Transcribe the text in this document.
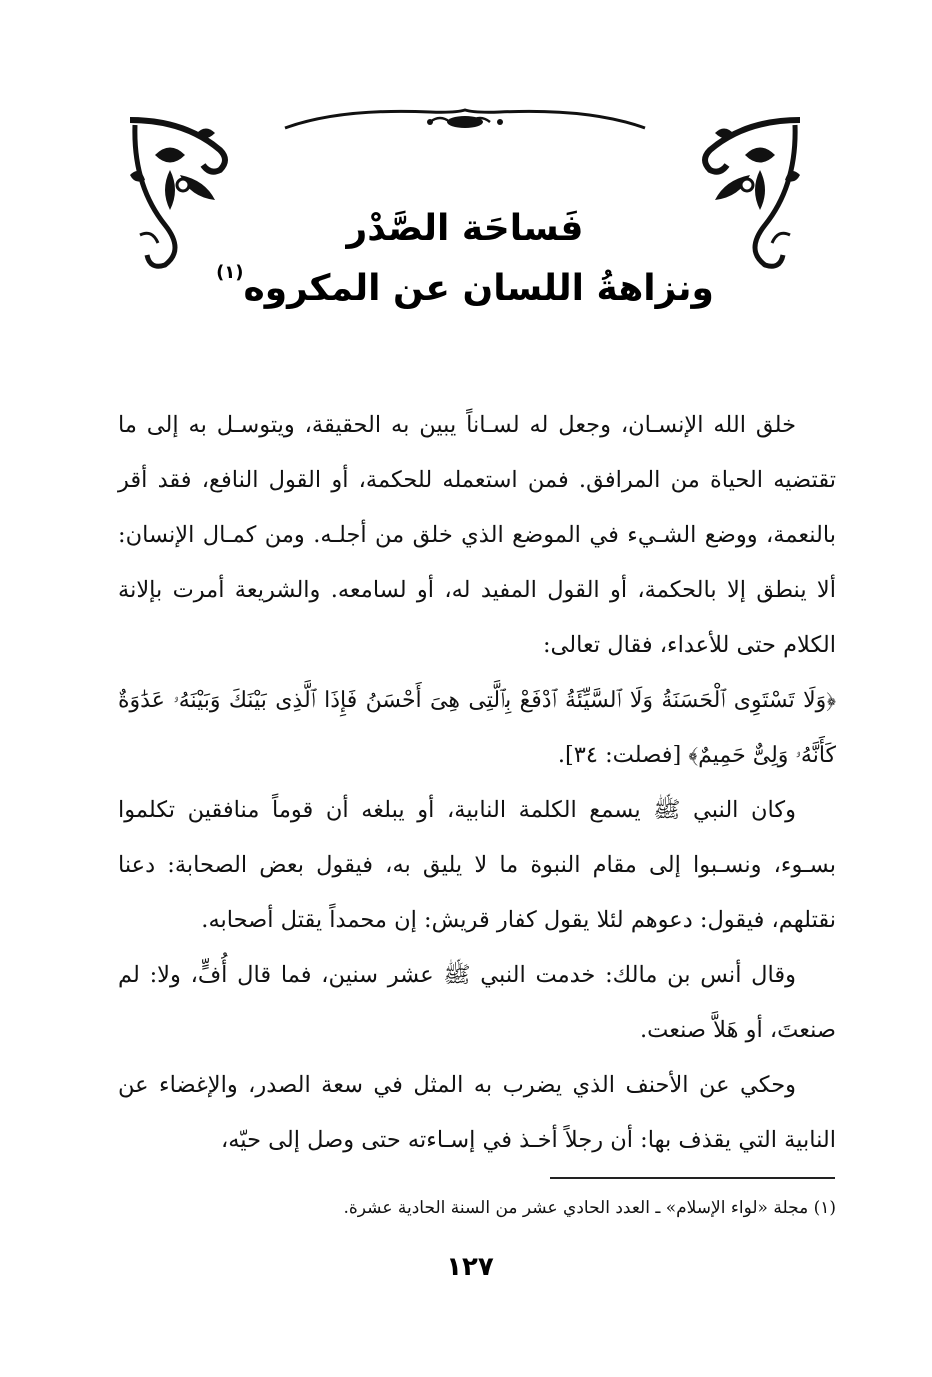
فَساحَة الصَّدْر
ونزاهةُ اللسان عن المكروه$^{(١)}$

خلق الله الإنسـان، وجعل له لسـاناً يبين به الحقيقة، ويتوسـل به إلى ما تقتضيه الحياة من المرافق. فمن استعمله للحكمة، أو القول النافع، فقد أقر بالنعمة، ووضع الشـيء في الموضع الذي خلق من أجلـه. ومن كمـال الإنسان: ألا ينطق إلا بالحكمة، أو القول المفيد له، أو لسامعه. والشريعة أمرت بإلانة الكلام حتى للأعداء، فقال تعالى:

﴿وَلَا تَسْتَوِى ٱلْحَسَنَةُ وَلَا ٱلسَّيِّئَةُ ٱدْفَعْ بِٱلَّتِى هِىَ أَحْسَنُ فَإِذَا ٱلَّذِى بَيْنَكَ وَبَيْنَهُۥ عَدَٰوَةٌ كَأَنَّهُۥ وَلِىٌّ حَمِيمٌ﴾ [فصلت: ٣٤].

وكان النبي ﷺ يسمع الكلمة النابية، أو يبلغه أن قوماً منافقين تكلموا بسـوء، ونسـبوا إلى مقام النبوة ما لا يليق به، فيقول بعض الصحابة: دعنا نقتلهم، فيقول: دعوهم لئلا يقول كفار قريش: إن محمداً يقتل أصحابه.

وقال أنس بن مالك: خدمت النبي ﷺ عشر سنين، فما قال أُفٍّ، ولا: لم صنعتَ، أو هَلاَّ صنعت.

وحكي عن الأحنف الذي يضرب به المثل في سعة الصدر، والإغضاء عن النابية التي يقذف بها: أن رجلاً أخـذ في إسـاءته حتى وصل إلى حيّه،

(١) مجلة «لواء الإسلام» ـ العدد الحادي عشر من السنة الحادية عشرة.
١٢٧
